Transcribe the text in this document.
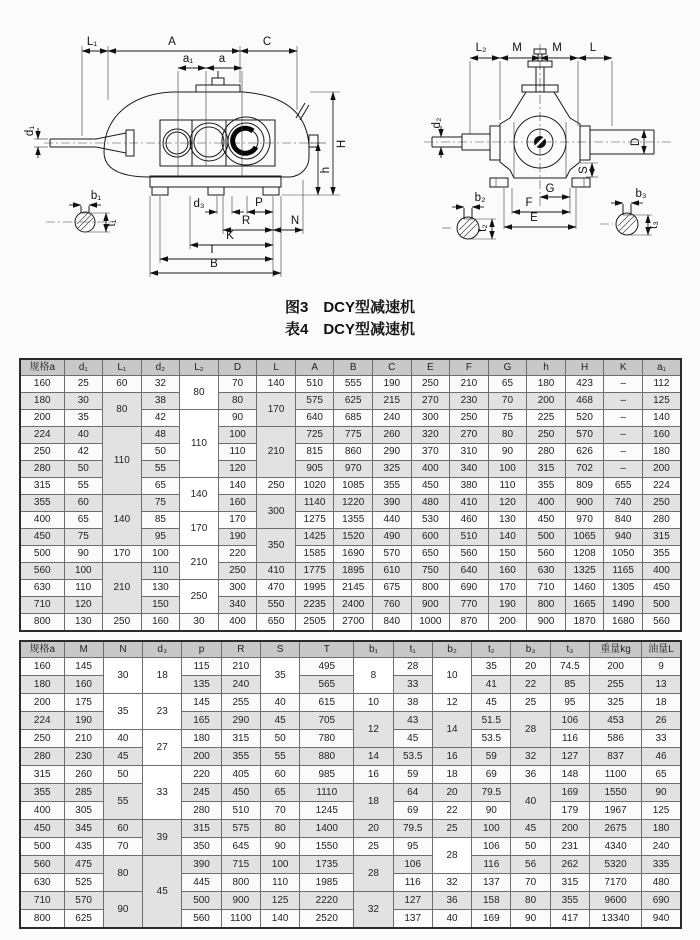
L₁	A	C
a₁ a
H
h
d₁
d₃	P
R	N
K
T
B
b₁
t₁
L₂ M	M L
d₂
D
S
G
F
E
b₂
t₂
b₃
t₃
图3　DCY型减速机
表4　DCY型减速机
规格a	d₁	L₁	d₂	L₂	D	L	A	B	C	E	F	G	h	H	K	a₁
160	25	60	32	80	70	140	510	555	190	250	210	65	180	423	–	112
180	30	80	38		80	170	575	625	215	270	230	70	200	468	–	125
200	35		42	110	90		640	685	240	300	250	75	225	520	–	140
224	40	110	48		100	210	725	775	260	320	270	80	250	570	–	160
250	42		50		110		815	860	290	370	310	90	280	626	–	180
280	50		55		120		905	970	325	400	340	100	315	702	–	200
315	55		65	140	140	250	1020	1085	355	450	380	110	355	809	655	224
355	60	140	75		160	300	1140	1220	390	480	410	120	400	900	740	250
400	65		85	170	170		1275	1355	440	530	460	130	450	970	840	280
450	75		95		190	350	1425	1520	490	600	510	140	500	1065	940	315
500	90	170	100	210	220		1585	1690	570	650	560	150	560	1208	1050	355
560	100	210	110		250	410	1775	1895	610	750	640	160	630	1325	1165	400
630	110		130	250	300	470	1995	2145	675	800	690	170	710	1460	1305	450
710	120		150		340	550	2235	2400	760	900	770	190	800	1665	1490	500
800	130	250	160	30	400	650	2505	2700	840	1000	870	200	900	1870	1680	560
规格a	M	N	d₃	p	R	S	T	b₁	t₁	b₂	t₂	b₃	t₃	重量kg	油量L
160	145	30	18	115	210	35	495	8	28	10	35	20	74.5	200	9
180	160			135	240		565		33		41	22	85	255	13
200	175	35	23	145	255	40	615	10	38	12	45	25	95	325	18
224	190			165	290	45	705	12	43	14	51.5	28	106	453	26
250	210	40	27	180	315	50	780		45		53.5		116	586	33
280	230	45		200	355	55	880	14	53.5	16	59	32	127	837	46
315	260	50	33	220	405	60	985	16	59	18	69	36	148	1100	65
355	285	55		245	450	65	1110	18	64	20	79.5	40	169	1550	90
400	305			280	510	70	1245		69	22	90		179	1967	125
450	345	60	39	315	575	80	1400	20	79.5	25	100	45	200	2675	180
500	435	70		350	645	90	1550	25	95	28	106	50	231	4340	240
560	475	80	45	390	715	100	1735	28	106		116	56	262	5320	335
630	525			445	800	110	1985		116	32	137	70	315	7170	480
710	570	90		500	900	125	2220	32	127	36	158	80	355	9600	690
800	625			560	1100	140	2520		137	40	169	90	417	13340	940
